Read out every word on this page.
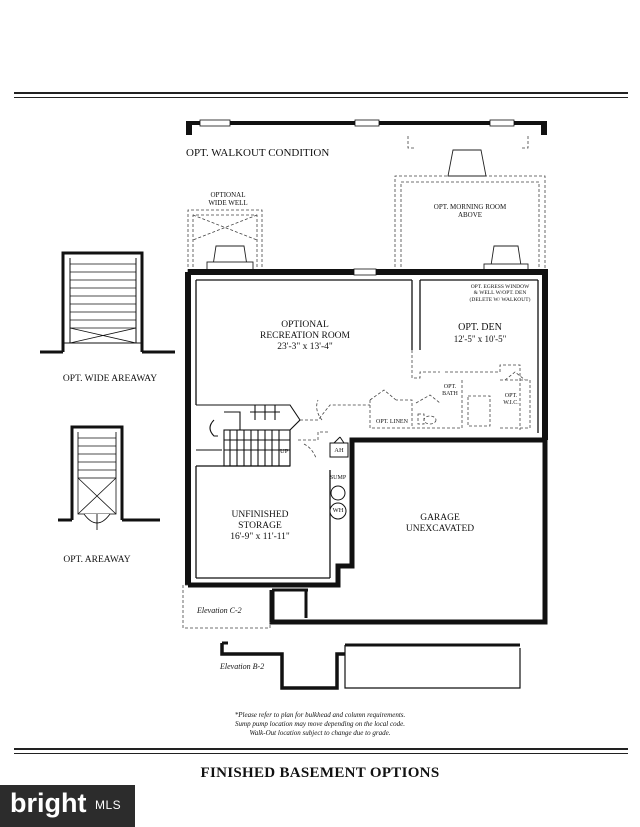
OPT. WALKOUT CONDITION
OPTIONAL
WIDE WELL	OPT. MORNING ROOM
ABOVE
OPT. EGRESS WINDOW
& WELL W/OPT. DEN
(DELETE W/ WALKOUT)
OPT. DEN
12'-5" x 10'-5"
OPTIONAL
RECREATION ROOM
23'-3" x 13'-4"
OPT. WIDE AREAWAY
OPT. AREAWAY
OPT.
BATH	OPT.
W.I.C.
OPT. LINEN
UP	AH
SUMP
WH
UNFINISHED
STORAGE
16'-9" x 11'-11"
GARAGE
UNEXCAVATED
Elevation C-2
Elevation B-2
*Please refer to plan for bulkhead and column requirements.
Sump pump location may move depending on the local code.
Walk-Out location subject to change due to grade.
FINISHED BASEMENT OPTIONS
bright MLS
